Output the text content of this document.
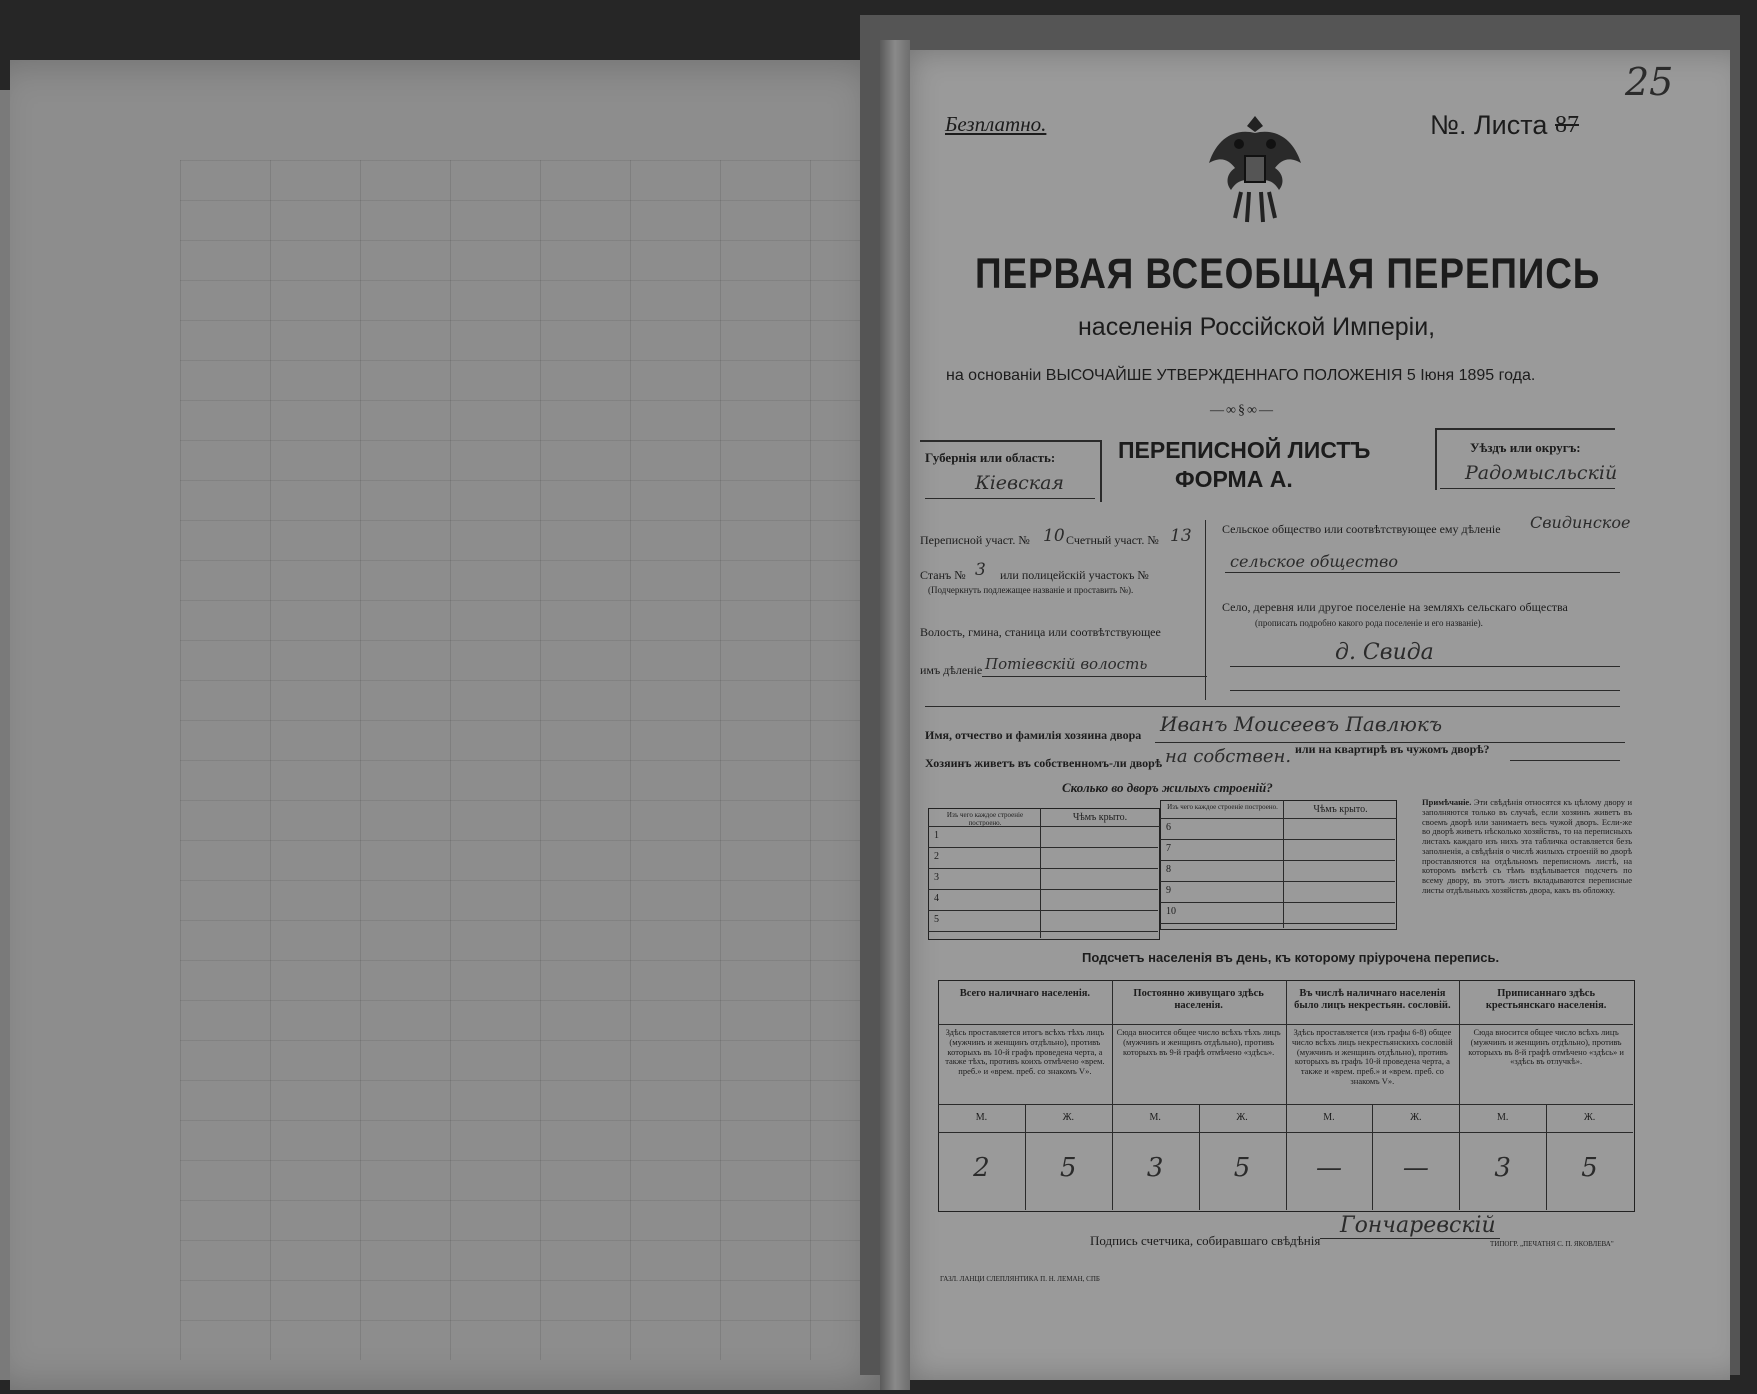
Безплатно.	№. Листа 87
25
ПЕРВАЯ ВСЕОБЩАЯ ПЕРЕПИСЬ
населенія Россійской Имперіи,
на основаніи ВЫСОЧАЙШЕ УТВЕРЖДЕННАГО ПОЛОЖЕНІЯ 5 Іюня 1895 года.
—∞§∞—
Губернія или область:
Кіевская
ПЕРЕПИСНОЙ ЛИСТЪ
ФОРМА А.
Уѣздъ или округъ:
Радомысльскій
Переписной участ. № 10 Счетный участ. № 13
Станъ № 3 или полицейскій участокъ №
(Подчеркнуть подлежащее названіе и проставить №).
Волость, гмина, станица или соотвѣтствующее
имъ дѣленіе Потіевскій волость
Сельское общество или соотвѣтствующее ему дѣленіе Свидинское
сельское общество
Село, деревня или другое поселеніе на земляхъ сельскаго общества
(прописать подробно какого рода поселеніе и его названіе).
д. Свида
Имя, отчество и фамилія хозяина двора Иванъ Моисеевъ Павлюкъ
Хозяинъ живетъ въ собственномъ-ли дворѣ на собствен. или на квартирѣ въ чужомъ дворѣ?
Сколько во дворъ жилыхъ строеній?
Изъ чего каждое строеніе построено.
Чѣмъ крыто.
1
2
3
4
5
Изъ чего каждое строеніе построено.	Чѣмъ крыто.
6
7
8
9
10
Примѣчаніе. Эти свѣдѣнія относятся къ цѣлому двору и заполняются только въ случаѣ, если хозяинъ живетъ въ своемъ дворѣ или занимаетъ весь чужой дворъ. Если-же во дворѣ живетъ нѣсколько хозяйствъ, то на переписныхъ листахъ каждаго изъ нихъ эта табличка оставляется безъ заполненія, а свѣдѣнія о числѣ жилыхъ строеній во дворѣ проставляются на отдѣльномъ переписномъ листѣ, на которомъ вмѣстѣ съ тѣмъ вздѣлывается подсчетъ по всему двору, въ этотъ листъ вкладываются переписные листы отдѣльныхъ хозяйствъ двора, какъ въ обложку.
Подсчетъ населенія въ день, къ которому пріурочена перепись.
Всего наличнаго населенія.
Здѣсь проставляется итогъ всѣхъ тѣхъ лицъ (мужчинъ и женщинъ отдѣльно), противъ которыхъ въ 10-й графъ проведена черта, а также тѣхъ, противъ коихъ отмѣчено «врем. преб.» и «врем. преб. со знакомъ V».
М.
2
Ж.
5
Постоянно живущаго здѣсь населенія.
Сюда вносится общее число всѣхъ тѣхъ лицъ (мужчинъ и женщинъ отдѣльно), противъ которыхъ въ 9-й графѣ отмѣчено «здѣсь».
М.
3
Ж.
5
Въ числѣ наличнаго населенія было лицъ некрестьян. сословій.
Здѣсь проставляется (изъ графы 6-8) общее число всѣхъ лицъ некрестьянскихъ сословій (мужчинъ и женщинъ отдѣльно), противъ которыхъ въ графъ 10-й проведена черта, а также и «врем. преб.» и «врем. преб. со знакомъ V».
М.
—
Ж.
—
Приписаннаго здѣсь крестьянскаго населенія.
Сюда вносится общее число всѣхъ лицъ (мужчинъ и женщинъ отдѣльно), противъ которыхъ въ 8-й графѣ отмѣчено «здѣсь» и «здѣсь въ отлучкѣ».
М.
3
Ж.
5
Подпись счетчика, собиравшаго свѣдѣнія
Гончаревскій
ГАЗЛ. ЛАНЦИ СЛЕПЛЯНТИКА П. Н. ЛЕМАН, СПБ
ТИПОГР. „ПЕЧАТНЯ С. П. ЯКОВЛЕВА"
